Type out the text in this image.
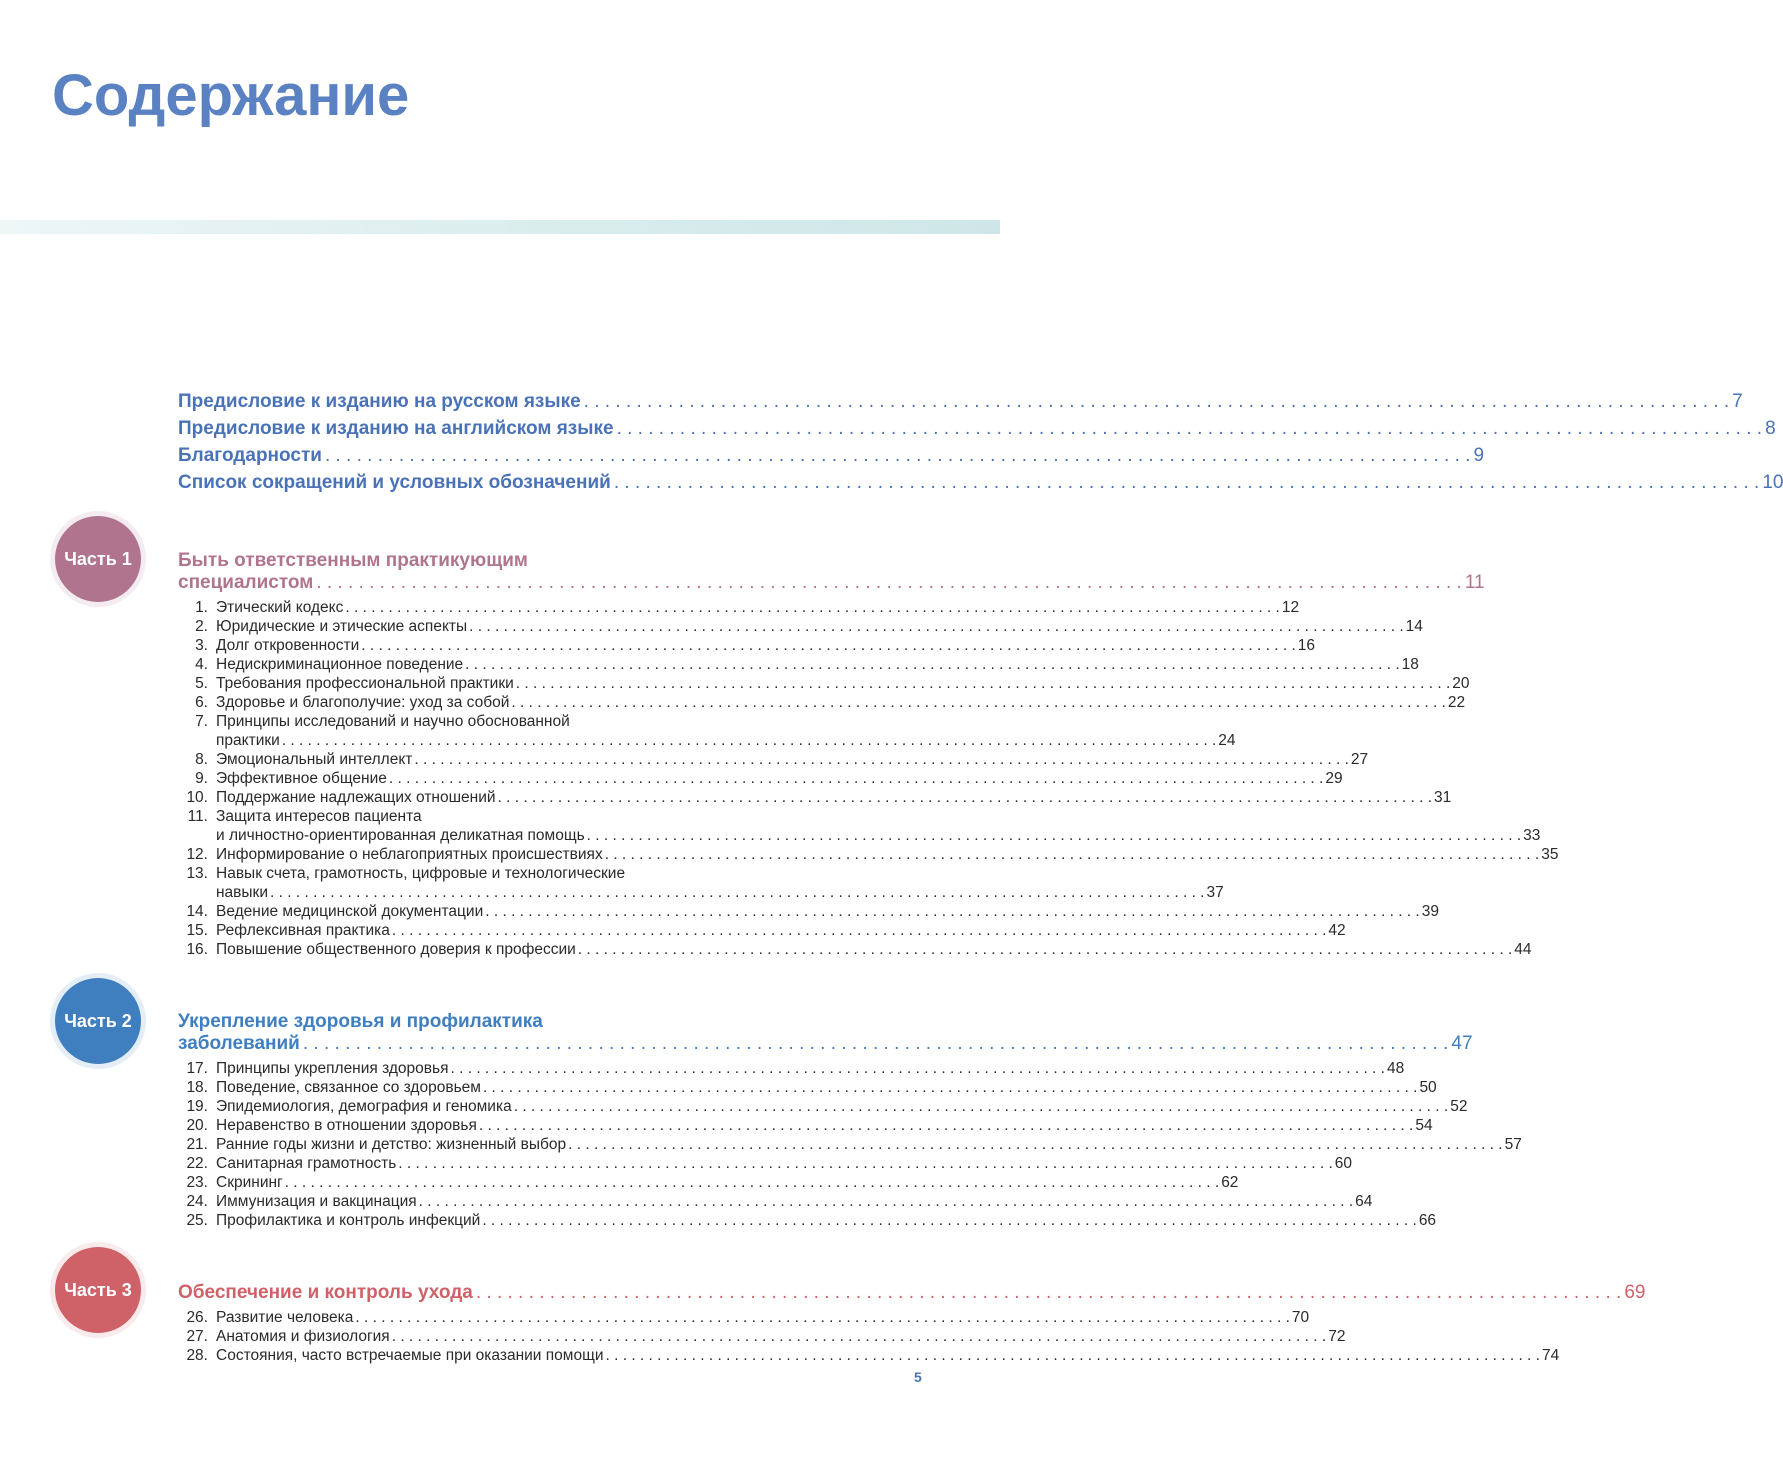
Содержание
Предисловие к изданию на русском языке . . .	7
Предисловие к изданию на английском языке . . .	8
Благодарности . . .	9
Список сокращений и условных обозначений . . .	10
Часть 1	Быть ответственным практикующим
специалистом . . .	11
1. Этический кодекс . . .	12
2. Юридические и этические аспекты . . .	14
3. Долг откровенности . . .	16
4. Недискриминационное поведение . . .	18
5. Требования профессиональной практики . . .	20
6. Здоровье и благополучие: уход за собой . . .	22
7. Принципы исследований и научно обоснованной
практики . . .	24
8. Эмоциональный интеллект . . .	27
9. Эффективное общение . . .	29
10. Поддержание надлежащих отношений . . .	31
11. Защита интересов пациента
и личностно-ориентированная деликатная помощь . . .	33
12. Информирование о неблагоприятных происшествиях . . .	35
13. Навык счета, грамотность, цифровые и технологические
навыки . . .	37
14. Ведение медицинской документации . . .	39
15. Рефлексивная практика . . .	42
16. Повышение общественного доверия к профессии . . .	44
Часть 2	Укрепление здоровья и профилактика
заболеваний . . .	47
17. Принципы укрепления здоровья . . .	48
18. Поведение, связанное со здоровьем . . .	50
19. Эпидемиология, демография и геномика . . .	52
20. Неравенство в отношении здоровья . . .	54
21. Ранние годы жизни и детство: жизненный выбор . . .	57
22. Санитарная грамотность . . .	60
23. Скрининг . . .	62
24. Иммунизация и вакцинация . . .	64
25. Профилактика и контроль инфекций . . .	66
Часть 3	Обеспечение и контроль ухода . . .	69
26. Развитие человека . . .	70
27. Анатомия и физиология . . .	72
28. Состояния, часто встречаемые при оказании помощи . . .	74
5
